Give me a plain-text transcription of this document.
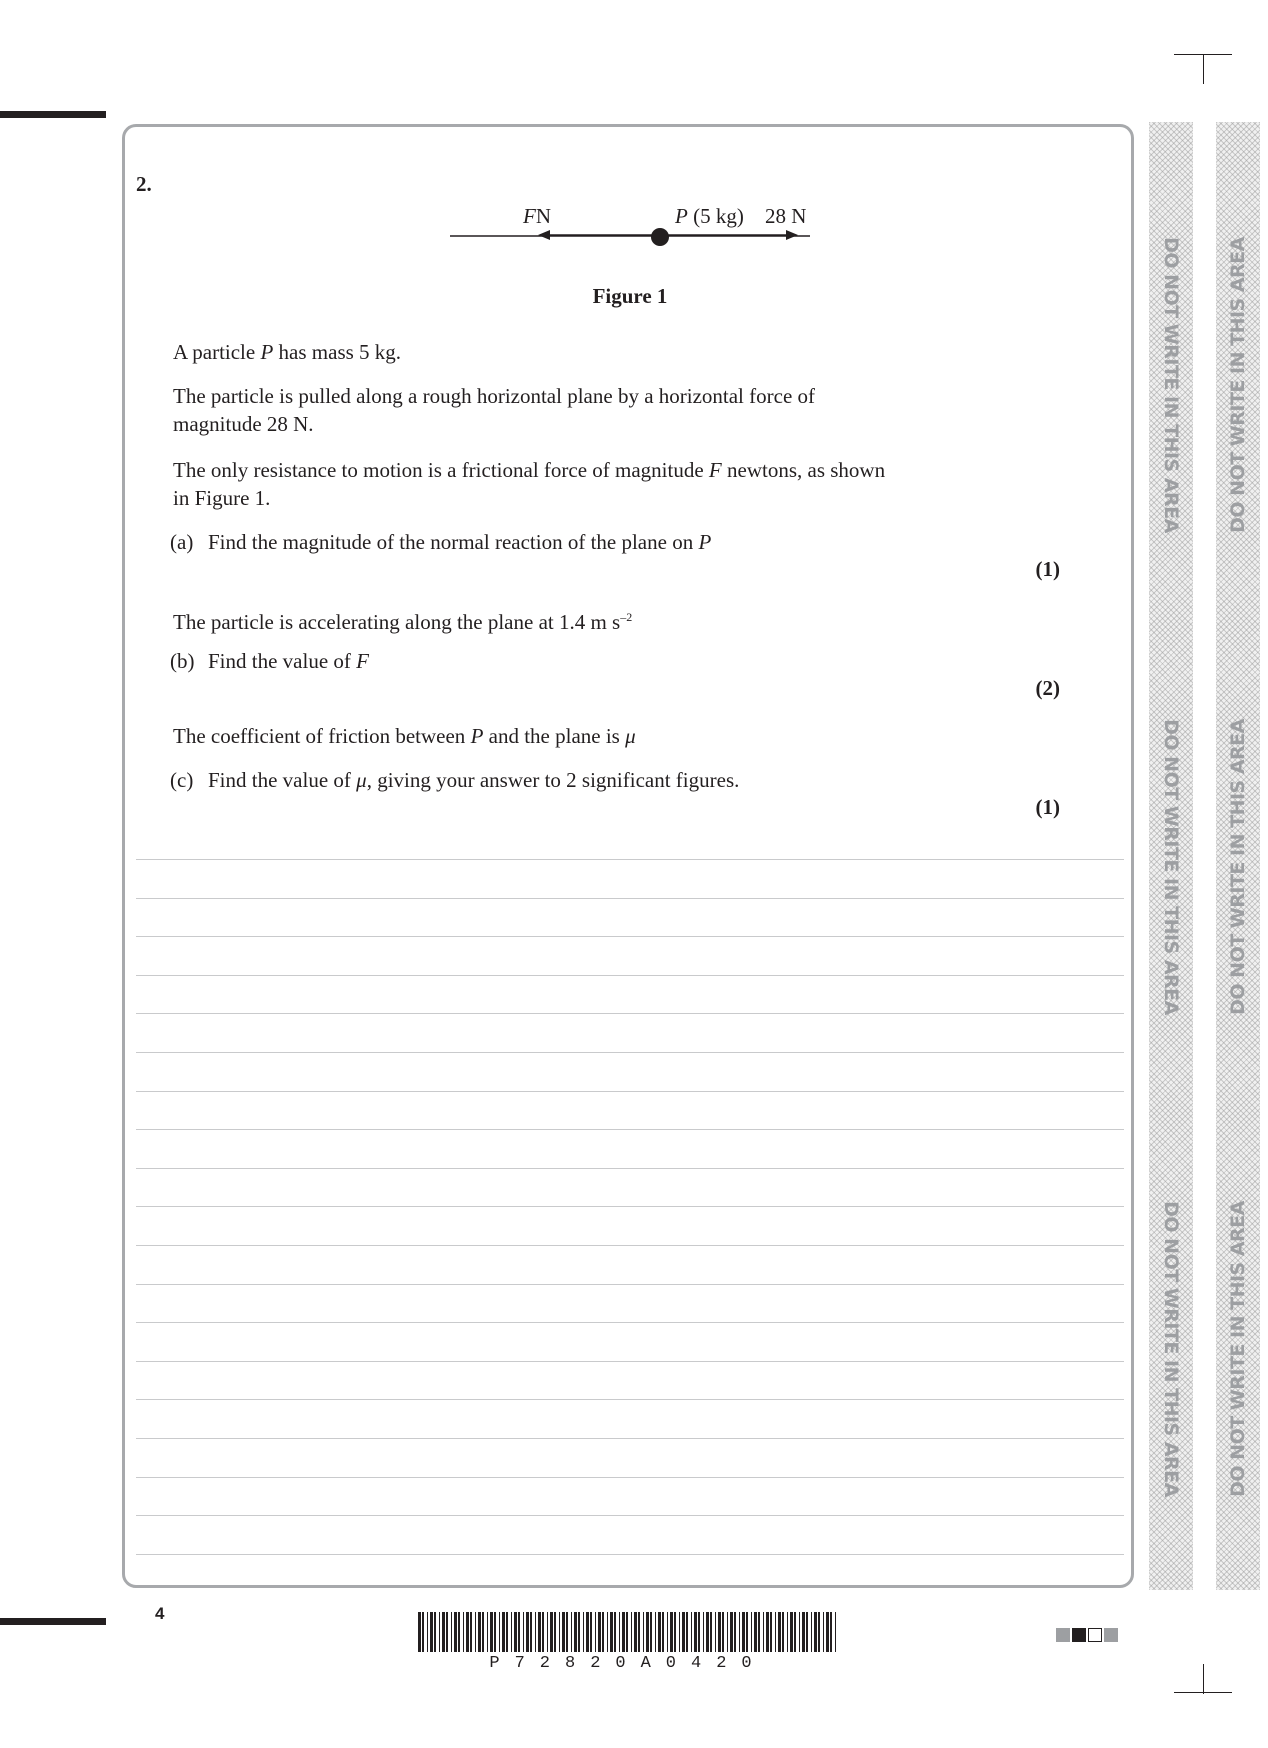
2.
FN	P (5 kg) 28 N
Figure 1
A particle P has mass 5 kg.
The particle is pulled along a rough horizontal plane by a horizontal force of
magnitude 28 N.
The only resistance to motion is a frictional force of magnitude F newtons, as shown
in Figure 1.
(a) Find the magnitude of the normal reaction of the plane on P
(1)
The particle is accelerating along the plane at 1.4 m $s^{-2}$
(b) Find the value of F
(2)
The coefficient of friction between P and the plane is μ
(c) Find the value of μ, giving your answer to 2 significant figures.
(1)
DO NOT WRITE IN THIS AREA
DO NOT WRITE IN THIS AREA
DO NOT WRITE IN THIS AREA
DO NOT WRITE IN THIS AREA
DO NOT WRITE IN THIS AREA
DO NOT WRITE IN THIS AREA
4
P72820A0420
